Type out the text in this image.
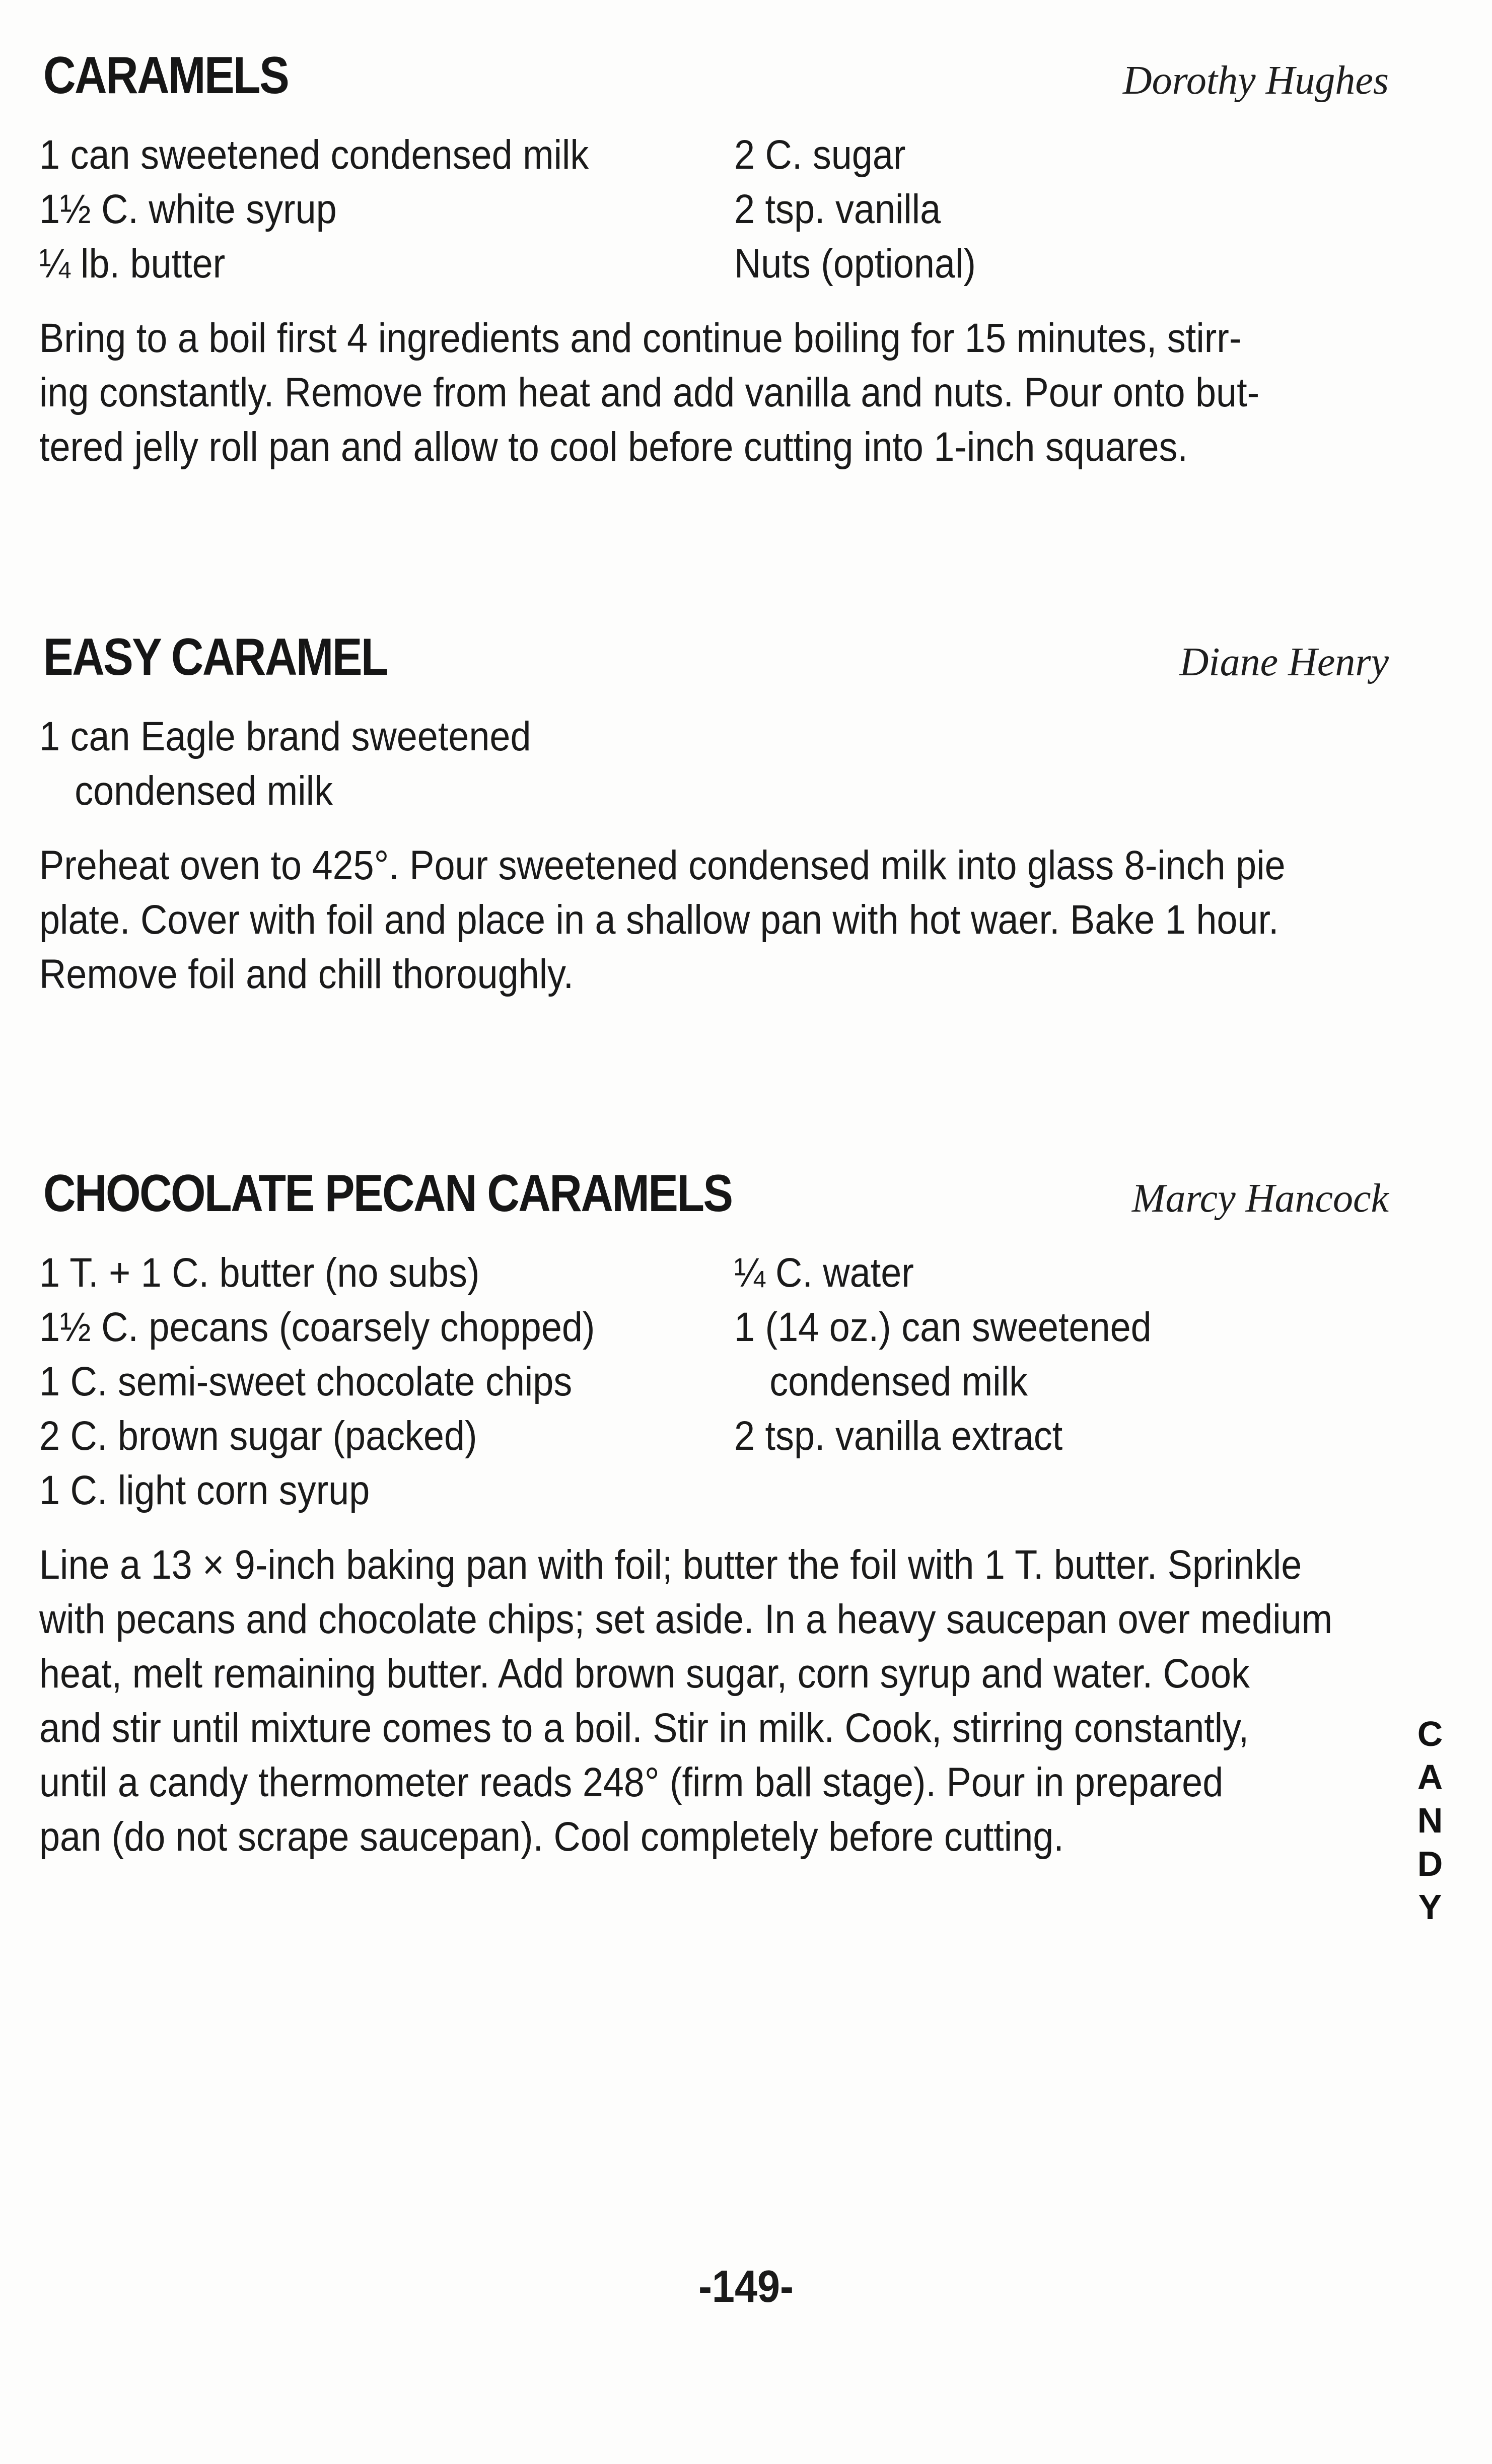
CARAMELS	Dorothy Hughes
1 can sweetened condensed milk
1½ C. white syrup
¼ lb. butter
2 C. sugar
2 tsp. vanilla
Nuts (optional)
Bring to a boil first 4 ingredients and continue boiling for 15 minutes, stirr-
ing constantly. Remove from heat and add vanilla and nuts. Pour onto but-
tered jelly roll pan and allow to cool before cutting into 1-inch squares.
EASY CARAMEL	Diane Henry
1 can Eagle brand sweetened
condensed milk
Preheat oven to 425°. Pour sweetened condensed milk into glass 8-inch pie
plate. Cover with foil and place in a shallow pan with hot waer. Bake 1 hour.
Remove foil and chill thoroughly.
CHOCOLATE PECAN CARAMELS	Marcy Hancock
1 T. + 1 C. butter (no subs)
1½ C. pecans (coarsely chopped)
1 C. semi-sweet chocolate chips
2 C. brown sugar (packed)
1 C. light corn syrup
¼ C. water
1 (14 oz.) can sweetened
condensed milk
2 tsp. vanilla extract
Line a 13 × 9-inch baking pan with foil; butter the foil with 1 T. butter. Sprinkle
with pecans and chocolate chips; set aside. In a heavy saucepan over medium
heat, melt remaining butter. Add brown sugar, corn syrup and water. Cook
and stir until mixture comes to a boil. Stir in milk. Cook, stirring constantly,
until a candy thermometer reads 248° (firm ball stage). Pour in prepared
pan (do not scrape saucepan). Cool completely before cutting.
C
A
N
D
Y
-149-
